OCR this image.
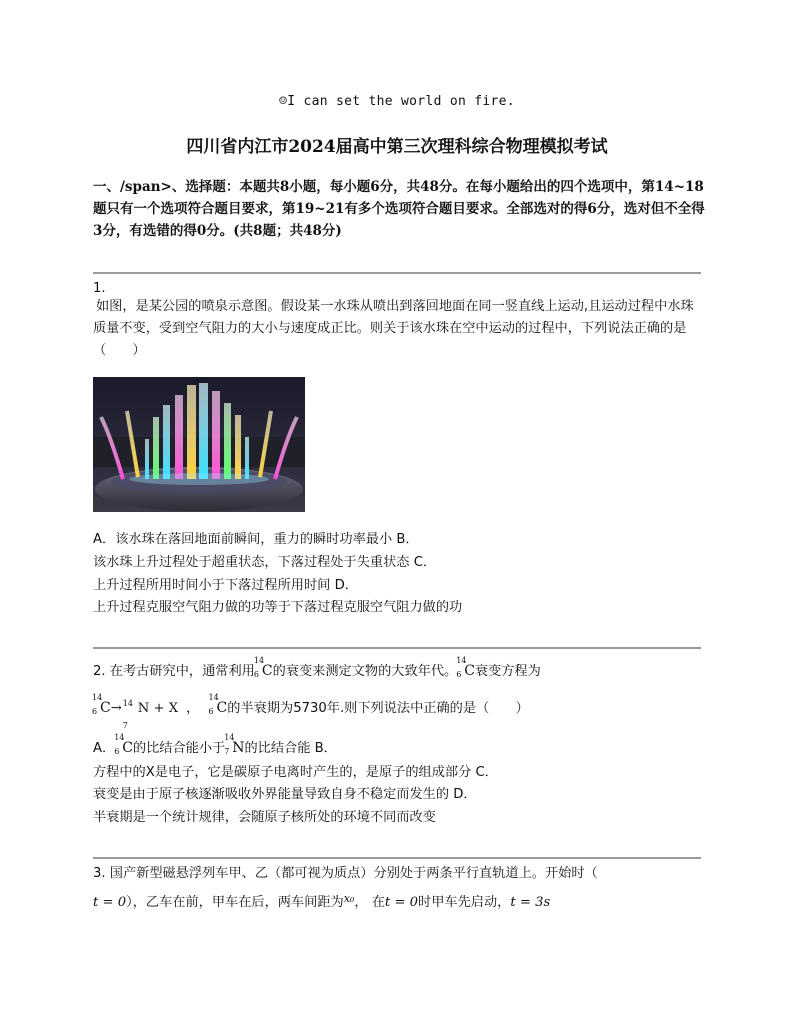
☺I can set the world on fire.
四川省内江市2024届高中第三次理科综合物理模拟考试
一、/span>、选择题：本题共8小题，每小题6分，共48分。在每小题给出的四个选项中，第14~18题只有一个选项符合题目要求，第19~21有多个选项符合题目要求。全部选对的得6分，选对但不全得3分，有选错的得0分。(共8题；共48分)
1.
如图，是某公园的喷泉示意图。假设某一水珠从喷出到落回地面在同一竖直线上运动,且运动过程中水珠质量不变，受到空气阻力的大小与速度成正比。则关于该水珠在空中运动的过程中，下列说法正确的是（　　）
A．该水珠在落回地面前瞬间，重力的瞬时功率最小 B．
该水珠上升过程处于超重状态，下落过程处于失重状态 C．
上升过程所用时间小于下落过程所用时间 D．
上升过程克服空气阻力做的功等于下落过程克服空气阻力做的功
2. 在考古研究中，通常利用
14
6 C的衰变来测定文物的大致年代。
14
6 C衰变方程为
14
6 C→ 14
7
N + X ，
14
6 C的半衰期为5730年.则下列说法中正确的是（　　）
A．
14
6 C的比结合能小于
14
7 N的比结合能 B．
方程中的X是电子，它是碳原子电离时产生的，是原子的组成部分 C．
衰变是由于原子核逐渐吸收外界能量导致自身不稳定而发生的 D．
半衰期是一个统计规律，会随原子核所处的环境不同而改变
3. 国产新型磁悬浮列车甲、乙（都可视为质点）分别处于两条平行直轨道上。开始时（
t = 0），乙车在前，甲车在后，两车间距为$^{x_0}$， 在t = 0时甲车先启动，t = 3s
